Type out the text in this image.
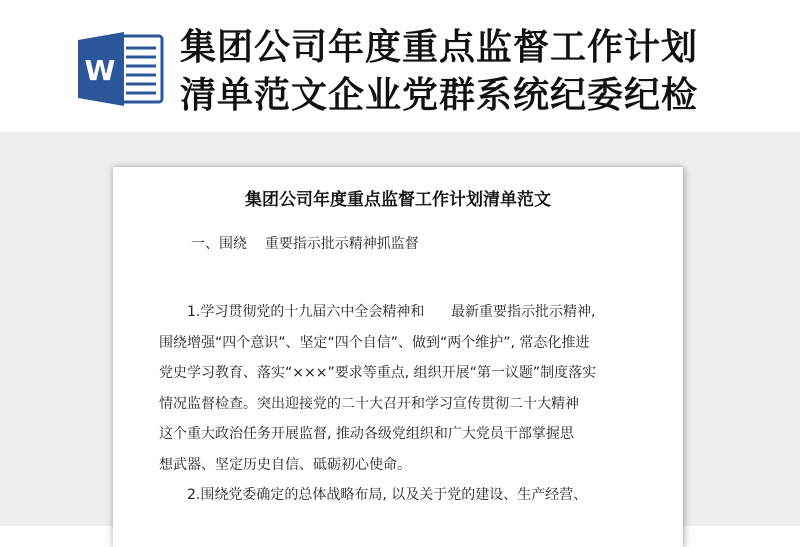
W
集团公司年度重点监督工作计划
清单范文企业党群系统纪委纪检
集团公司年度重点监督工作计划清单范文
一、围绕    重要指示批示精神抓监督
1.学习贯彻党的十九届六中全会精神和      最新重要指示批示精神,
围绕增强“四个意识”、坚定“四个自信”、做到“两个维护”, 常态化推进
党史学习教育、落实“×××”要求等重点, 组织开展“第一议题”制度落实
情况监督检查。突出迎接党的二十大召开和学习宣传贯彻二十大精神
这个重大政治任务开展监督, 推动各级党组织和广大党员干部掌握思
想武器、坚定历史自信、砥砺初心使命。
2.围绕党委确定的总体战略布局, 以及关于党的建设、生产经营、
